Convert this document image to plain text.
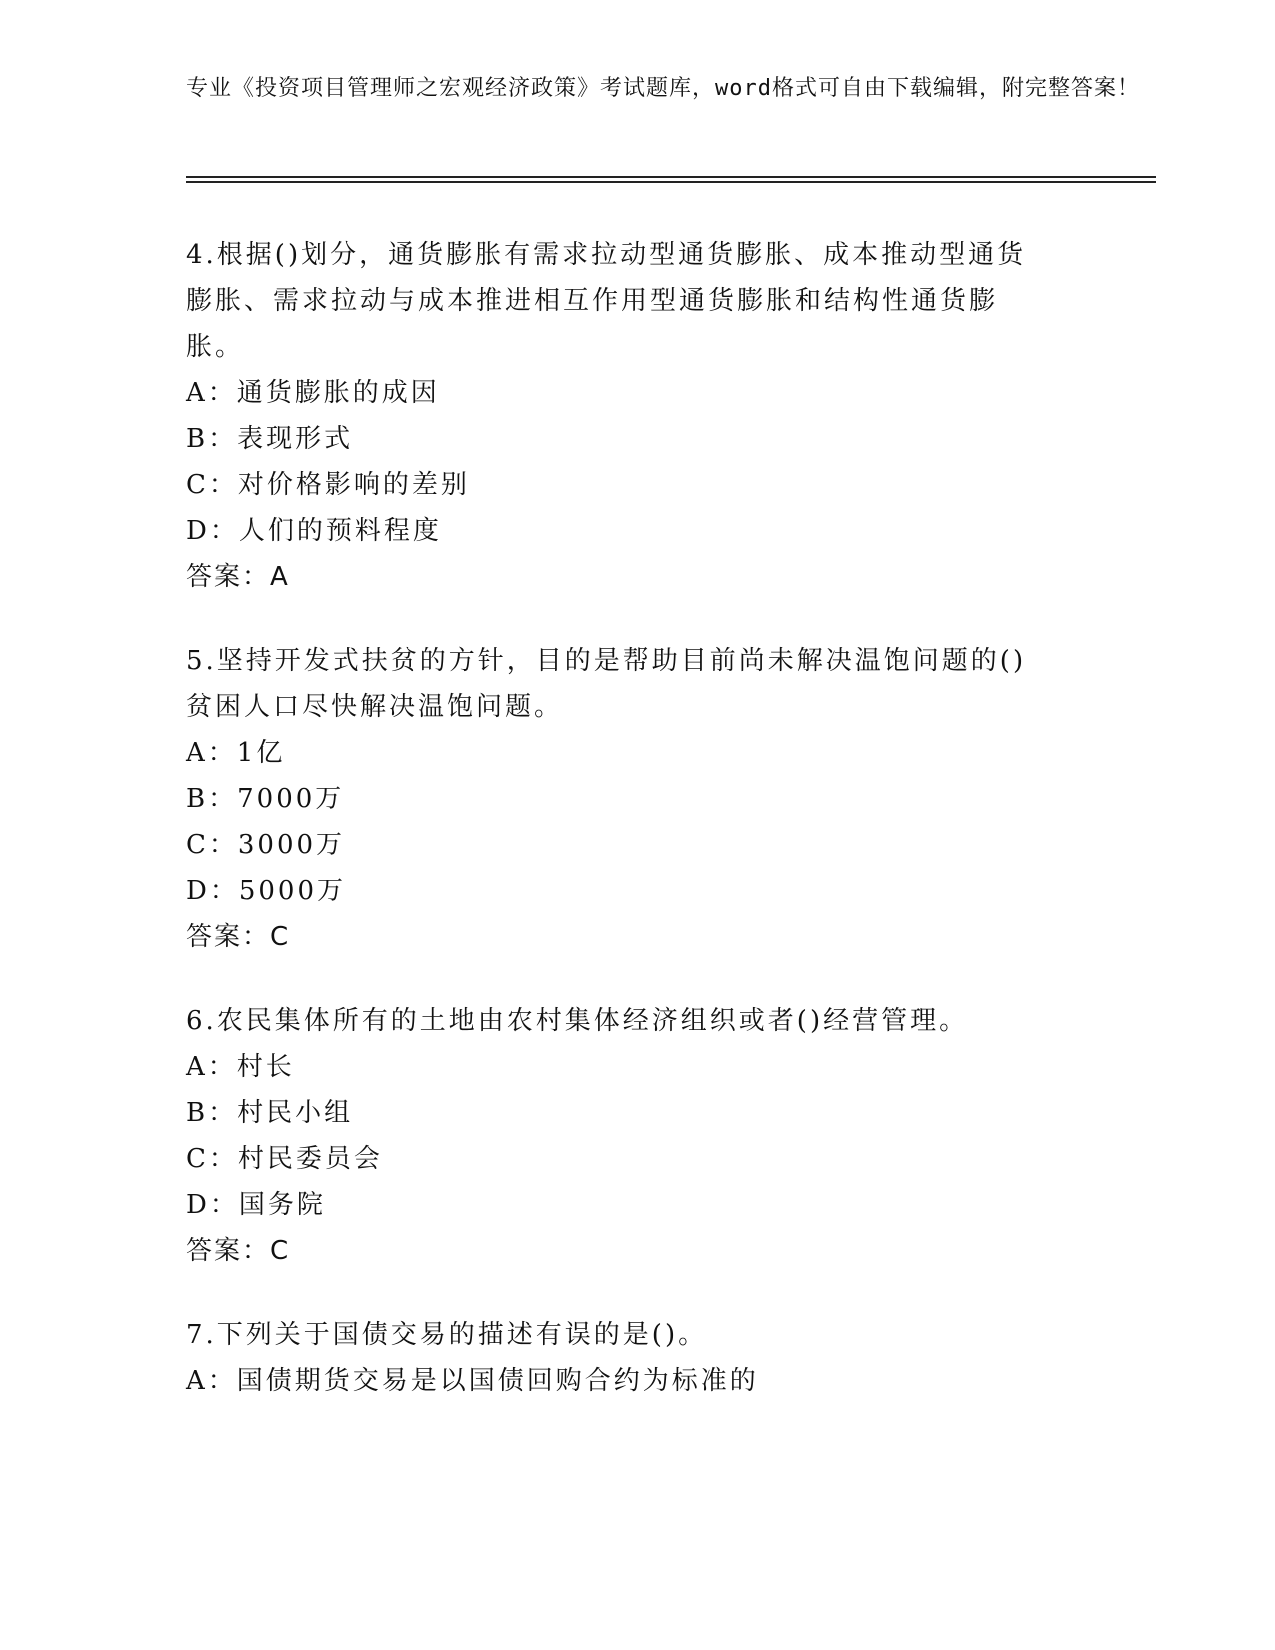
专业《投资项目管理师之宏观经济政策》考试题库，word格式可自由下载编辑，附完整答案！

4.根据()划分，通货膨胀有需求拉动型通货膨胀、成本推动型通货膨胀、需求拉动与成本推进相互作用型通货膨胀和结构性通货膨胀。

A：通货膨胀的成因

B：表现形式

C：对价格影响的差别

D：人们的预料程度

答案：A

5.坚持开发式扶贫的方针，目的是帮助目前尚未解决温饱问题的()贫困人口尽快解决温饱问题。

A：1亿

B：7000万

C：3000万

D：5000万

答案：C

6.农民集体所有的土地由农村集体经济组织或者()经营管理。

A：村长

B：村民小组

C：村民委员会

D：国务院

答案：C

7.下列关于国债交易的描述有误的是()。

A：国债期货交易是以国债回购合约为标准的
